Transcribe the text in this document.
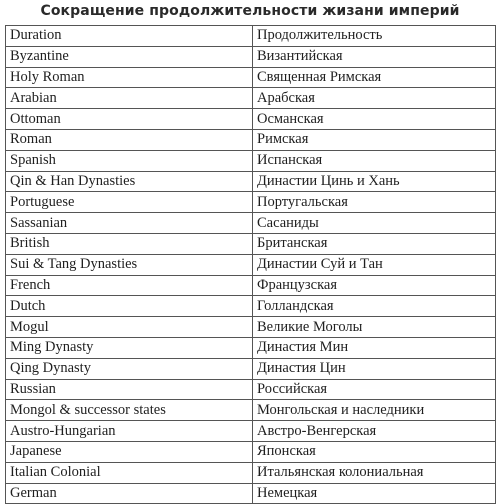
Сокращение продолжительности жизани империй
Duration	Продолжительность
Byzantine	Византийская
Holy Roman	Священная Римская
Arabian	Арабская
Ottoman	Османская
Roman	Римская
Spanish	Испанская
Qin & Han Dynasties	Династии Цинь и Хань
Portuguese	Португальская
Sassanian	Сасаниды
British	Британская
Sui & Tang Dynasties	Династии Суй и Тан
French	Французская
Dutch	Голландская
Mogul	Великие Моголы
Ming Dynasty	Династия Мин
Qing Dynasty	Династия Цин
Russian	Российская
Mongol & successor states	Монгольская и наследники
Austro-Hungarian	Австро-Венгерская
Japanese	Японская
Italian Colonial	Итальянская колониальная
German	Немецкая
